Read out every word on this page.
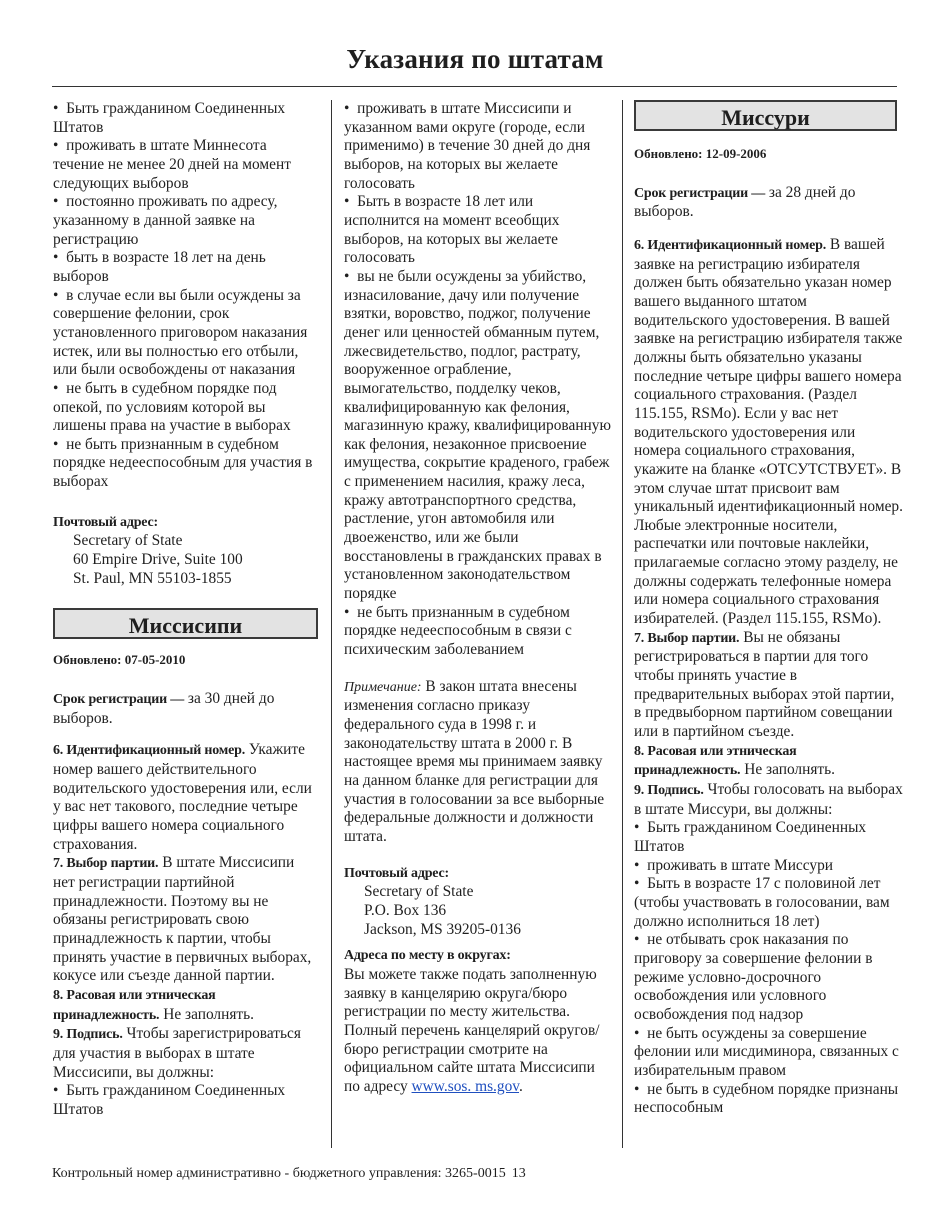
Указания по штатам

•  Быть гражданином Соединенных Штатов

•  проживать в штате Миннесота течение не менее 20 дней на момент следующих выборов

•  постоянно проживать по адресу, указанному в данной заявке на регистрацию

•  быть в возрасте 18 лет на день выборов

•  в случае если вы были осуждены за совершение фелонии, срок установленного приговором наказания истек, или вы полностью его отбыли, или были освобождены от наказания

•  не быть в судебном порядке под опекой, по условиям которой вы лишены права на участие в выборах

•  не быть признанным в судебном порядке недееспособным для участия в выборах

Почтовый адрес:

Secretary of State

60 Empire Drive, Suite 100

St. Paul, MN 55103-1855

Миссисипи

Обновлено: 07-05-2010

Срок регистрации — за 30 дней до выборов.

6. Идентификационный номер. Укажите номер вашего действительного водительского удостоверения или, если у вас нет такового, последние четыре цифры вашего номера социального страхования.

7. Выбор партии. В штате Миссисипи нет регистрации партийной принадлежности. Поэтому вы не обязаны регистрировать свою принадлежность к партии, чтобы принять участие в первичных выборах, кокусе или съезде данной партии.

8. Расовая или этническая принадлежность. Не заполнять.

9. Подпись. Чтобы зарегистрироваться для участия в выборах в штате Миссисипи, вы должны:

•  Быть гражданином Соединенных Штатов

•  проживать в штате Миссисипи и указанном вами округе (городе, если применимо) в течение 30 дней до дня выборов, на которых вы желаете голосовать

•  Быть в возрасте 18 лет или исполнится на момент всеобщих выборов, на которых вы желаете голосовать

•  вы не были осуждены за убийство, изнасилование, дачу или получение взятки, воровство, поджог, получение денег или ценностей обманным путем, лжесвидетельство, подлог, растрату, вооруженное ограбление, вымогательство, подделку чеков, квалифицированную как фелония, магазинную кражу, квалифицированную как фелония, незаконное присвоение имущества, сокрытие краденого, грабеж с применением насилия, кражу леса, кражу автотранспортного средства, растление, угон автомобиля или двоеженство, или же были восстановлены в гражданских правах в установленном законодательством порядке

•  не быть признанным в судебном порядке недееспособным в связи с психическим заболеванием

Примечание: В закон штата внесены изменения согласно приказу федерального суда в 1998 г. и законодательству штата в 2000 г. В настоящее время мы принимаем заявку на данном бланке для регистрации для участия в голосовании за все выборные федеральные должности и должности штата.

Почтовый адрес:

Secretary of State

P.O. Box 136

Jackson, MS 39205-0136

Адреса по месту в округах:

Вы можете также подать заполненную заявку в канцелярию округа/бюро регистрации по месту жительства. Полный перечень канцелярий округов/бюро регистрации смотрите на официальном сайте штата Миссисипи по адресу www.sos. ms.gov.

Миссури

Обновлено: 12-09-2006

Срок регистрации — за 28 дней до выборов.

6. Идентификационный номер. В вашей заявке на регистрацию избирателя должен быть обязательно указан номер вашего выданного штатом водительского удостоверения. В вашей заявке на регистрацию избирателя также должны быть обязательно указаны последние четыре цифры вашего номера социального страхования. (Раздел 115.155, RSMo). Если у вас нет водительского удостоверения или номера социального страхования, укажите на бланке «ОТСУТСТВУЕТ». В этом случае штат присвоит вам уникальный идентификационный номер. Любые электронные носители, распечатки или почтовые наклейки, прилагаемые согласно этому разделу, не должны содержать телефонные номера или номера социального страхования избирателей. (Раздел 115.155, RSMo).

7. Выбор партии. Вы не обязаны регистрироваться в партии для того чтобы принять участие в предварительных выборах этой партии, в предвыборном партийном совещании или в партийном съезде.

8. Расовая или этническая принадлежность. Не заполнять.

9. Подпись. Чтобы голосовать на выборах в штате Миссури, вы должны:

•  Быть гражданином Соединенных Штатов

•  проживать в штате Миссури

•  Быть в возрасте 17 с половиной лет (чтобы участвовать в голосовании, вам должно исполниться 18 лет)

•  не отбывать срок наказания по приговору за совершение фелонии в режиме условно-досрочного освобождения или условного освобождения под надзор

•  не быть осуждены за совершение фелонии или мисдиминора, связанных с избирательным правом

•  не быть в судебном порядке признаны неспособным

Контрольный номер административно - бюджетного управления: 3265-0015 13
